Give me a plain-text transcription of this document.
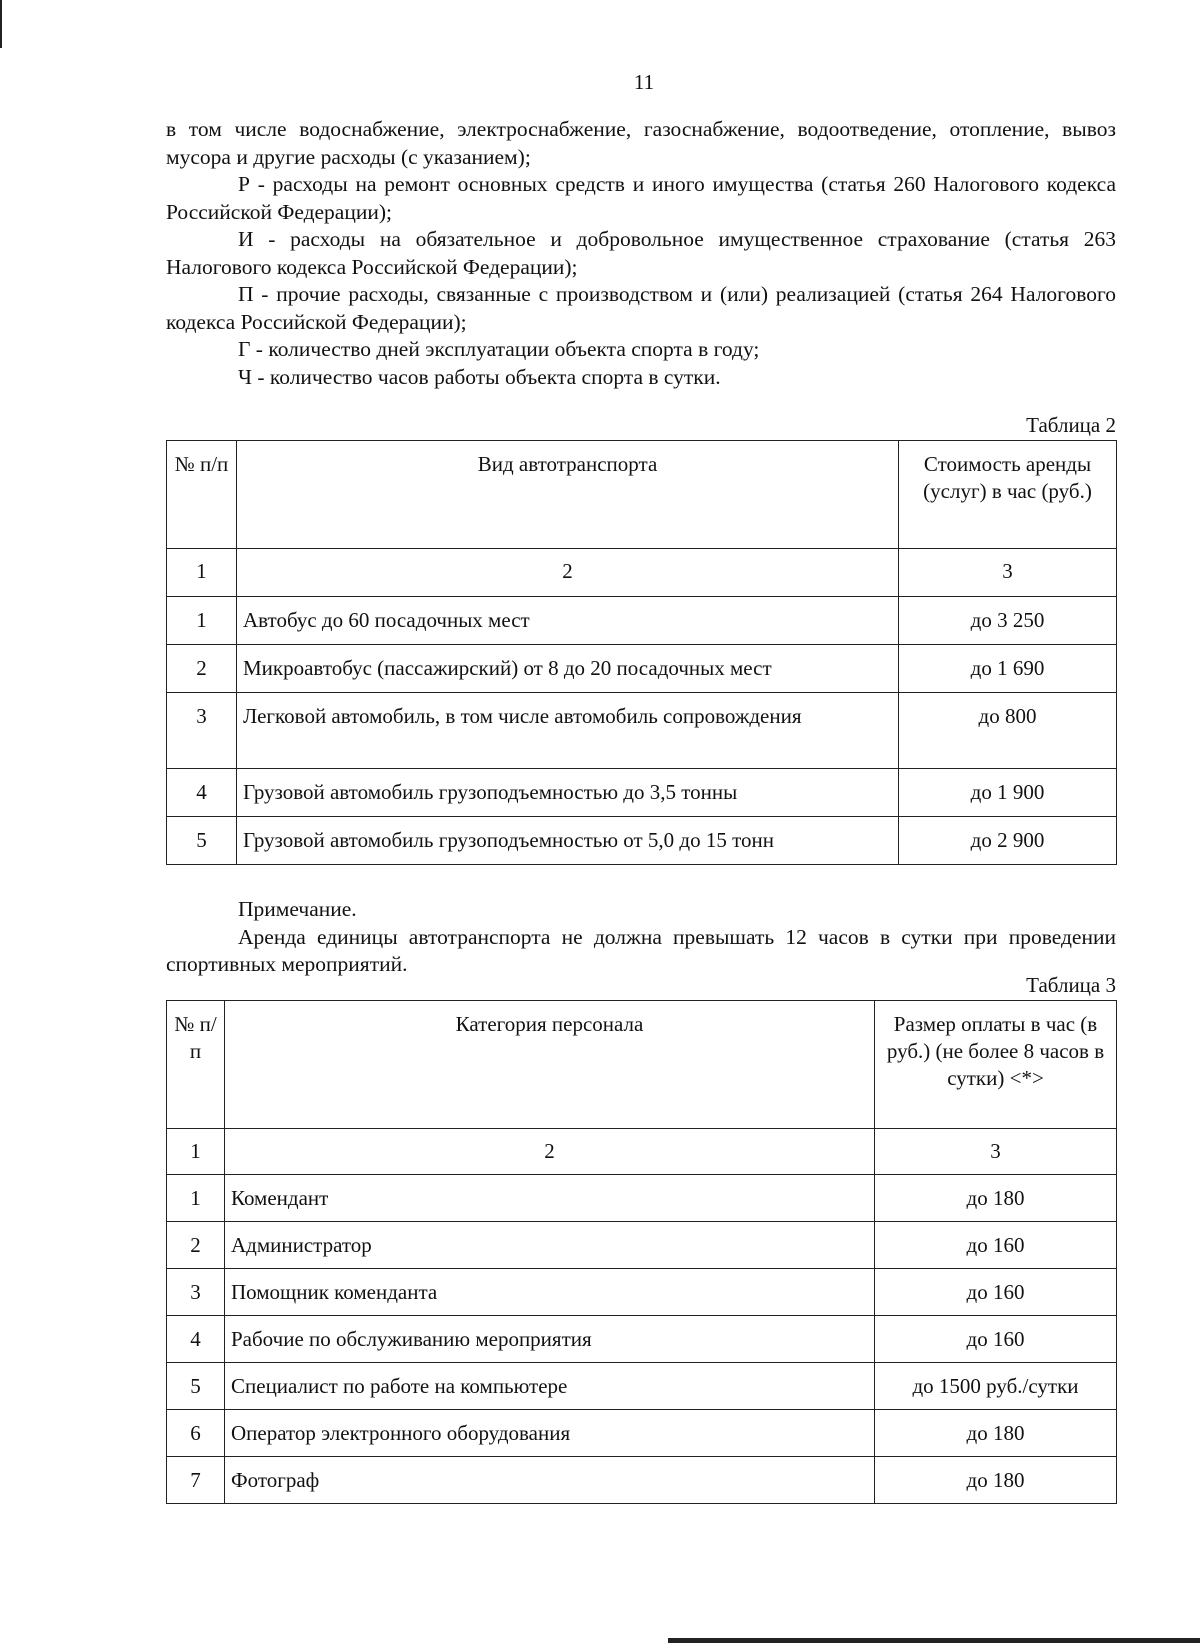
11

в том числе водоснабжение, электроснабжение, газоснабжение, водоотведение, отопление, вывоз мусора и другие расходы (с указанием);

Р - расходы на ремонт основных средств и иного имущества (статья 260 Налогового кодекса Российской Федерации);

И - расходы на обязательное и добровольное имущественное страхование (статья 263 Налогового кодекса Российской Федерации);

П - прочие расходы, связанные с производством и (или) реализацией (статья 264 Налогового кодекса Российской Федерации);

Г - количество дней эксплуатации объекта спорта в году;

Ч - количество часов работы объекта спорта в сутки.

Таблица 2
№ п/п	Вид автотранспорта	Стоимость аренды (услуг) в час (руб.)
1	2	3
1	Автобус до 60 посадочных мест	до 3 250
2	Микроавтобус (пассажирский) от 8 до 20 посадочных мест	до 1 690
3	Легковой автомобиль, в том числе автомобиль сопровождения	до 800
4	Грузовой автомобиль грузоподъемностью до 3,5 тонны	до 1 900
5	Грузовой автомобиль грузоподъемностью от 5,0 до 15 тонн	до 2 900

Примечание.

Аренда единицы автотранспорта не должна превышать 12 часов в сутки при проведении спортивных мероприятий.

Таблица 3
№ п/п	Категория персонала	Размер оплаты в час (в руб.) (не более 8 часов в сутки) <*>
1	2	3
1	Комендант	до 180
2	Администратор	до 160
3	Помощник коменданта	до 160
4	Рабочие по обслуживанию мероприятия	до 160
5	Специалист по работе на компьютере	до 1500 руб./сутки
6	Оператор электронного оборудования	до 180
7	Фотограф	до 180
